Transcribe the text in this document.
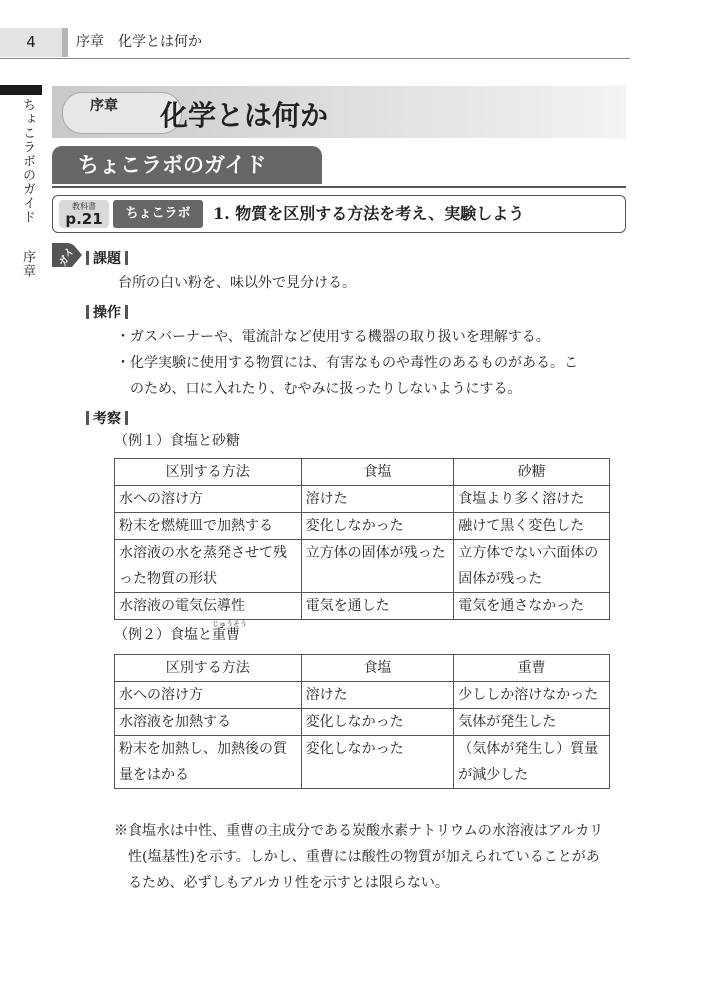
4	序章　化学とは何か
ちょこラボのガイド
序章
序章 化学とは何か
ちょこラボのガイド
教科書
p.21	ちょこラボ	1. 物質を区別する方法を考え、実験しよう
ガイド 課題
台所の白い粉を、味以外で見分ける。
操作
・ガスバーナーや、電流計など使用する機器の取り扱いを理解する。
・化学実験に使用する物質には、有害なものや毒性のあるものがある。こ
のため、口に入れたり、むやみに扱ったりしないようにする。
考察
（例１）食塩と砂糖
区別する方法	食塩	砂糖
水への溶け方	溶けた	食塩より多く溶けた
粉末を燃焼皿で加熱する	変化しなかった	融けて黒く変色した
水溶液の水を蒸発させて残った物質の形状	立方体の固体が残った	立方体でない六面体の固体が残った
水溶液の電気伝導性	電気を通した	電気を通さなかった
（例２）食塩と
じゅうそう
重曹
区別する方法	食塩	重曹
水への溶け方	溶けた	少ししか溶けなかった
水溶液を加熱する	変化しなかった	気体が発生した
粉末を加熱し、加熱後の質量をはかる	変化しなかった	（気体が発生し）質量が減少した
※食塩水は中性、重曹の主成分である炭酸水素ナトリウムの水溶液はアルカリ
性(塩基性)を示す。しかし、重曹には酸性の物質が加えられていることがあ
るため、必ずしもアルカリ性を示すとは限らない。
